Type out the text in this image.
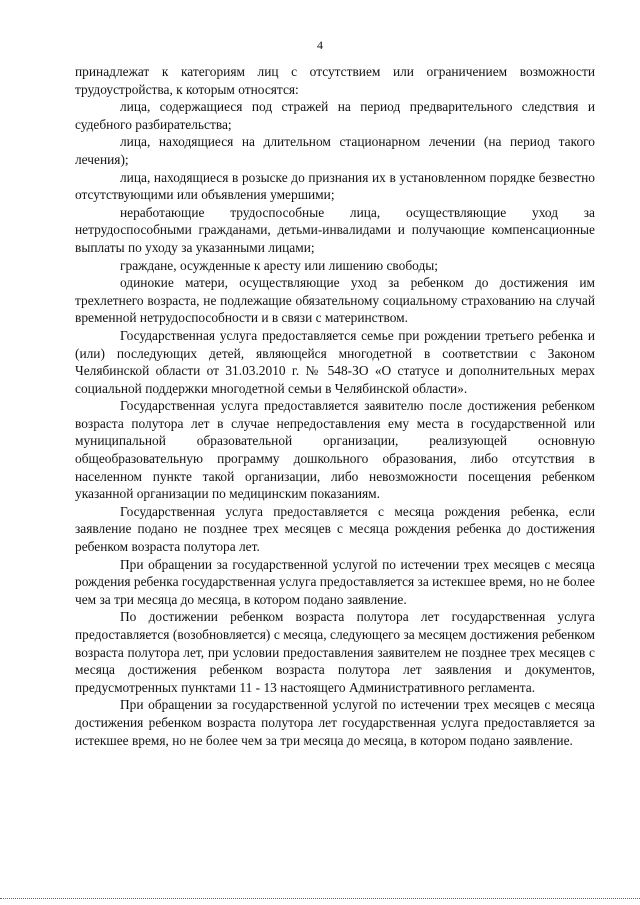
4

принадлежат к категориям лиц с отсутствием или ограничением возможности трудоустройства, к которым относятся:

лица, содержащиеся под стражей на период предварительного следствия и судебного разбирательства;

лица, находящиеся на длительном стационарном лечении (на период такого лечения);

лица, находящиеся в розыске до признания их в установленном порядке безвестно отсутствующими или объявления умершими;

неработающие трудоспособные лица, осуществляющие уход за нетрудоспособными гражданами, детьми-инвалидами и получающие компенсационные выплаты по уходу за указанными лицами;

граждане, осужденные к аресту или лишению свободы;

одинокие матери, осуществляющие уход за ребенком до достижения им трехлетнего возраста, не подлежащие обязательному социальному страхованию на случай временной нетрудоспособности и в связи с материнством.

Государственная услуга предоставляется семье при рождении третьего ребенка и (или) последующих детей, являющейся многодетной в соответствии с Законом Челябинской области от 31.03.2010 г. № 548-ЗО «О статусе и дополнительных мерах социальной поддержки многодетной семьи в Челябинской области».

Государственная услуга предоставляется заявителю после достижения ребенком возраста полутора лет в случае непредоставления ему места в государственной или муниципальной образовательной организации, реализующей основную общеобразовательную программу дошкольного образования, либо отсутствия в населенном пункте такой организации, либо невозможности посещения ребенком указанной организации по медицинским показаниям.

Государственная услуга предоставляется с месяца рождения ребенка, если заявление подано не позднее трех месяцев с месяца рождения ребенка до достижения ребенком возраста полутора лет.

При обращении за государственной услугой по истечении трех месяцев с месяца рождения ребенка государственная услуга предоставляется за истекшее время, но не более чем за три месяца до месяца, в котором подано заявление.

По достижении ребенком возраста полутора лет государственная услуга предоставляется (возобновляется) с месяца, следующего за месяцем достижения ребенком возраста полутора лет, при условии предоставления заявителем не позднее трех месяцев с месяца достижения ребенком возраста полутора лет заявления и документов, предусмотренных пунктами 11 - 13 настоящего Административного регламента.

При обращении за государственной услугой по истечении трех месяцев с месяца достижения ребенком возраста полутора лет государственная услуга предоставляется за истекшее время, но не более чем за три месяца до месяца, в котором подано заявление.
